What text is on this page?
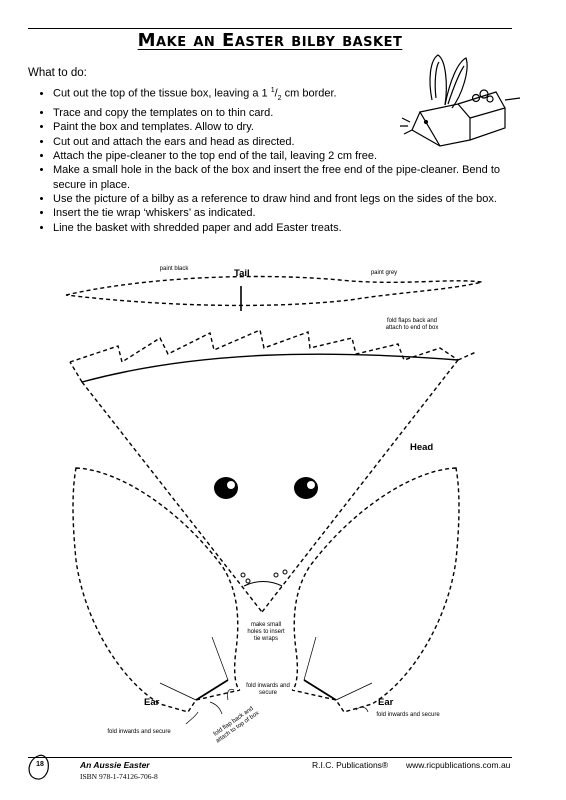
Make an Easter bilby basket
What to do:
• Cut out the top of the tissue box, leaving a 1 $^1/_2$ cm border.
• Trace and copy the templates on to thin card.
• Paint the box and templates. Allow to dry.
• Cut out and attach the ears and head as directed.
• Attach the pipe-cleaner to the top end of the tail, leaving 2 cm free.
• Make a small hole in the back of the box and insert the free end of the pipe-cleaner. Bend to secure in place.
• Use the picture of a bilby as a reference to draw hind and front legs on the sides of the box.
• Insert the tie wrap ‘whiskers’ as indicated.
• Line the basket with shredded paper and add Easter treats.
paint black	Tail	paint grey
fold flaps back and attach to end of box
Head
make small holes to insert tie wraps
fold inwards and secure
Ear	Ear
fold inwards and secure
fold inwards and secure	fold flap back and attach to top of box
18	An Aussie Easter
ISBN 978-1-74126-706-8
R.I.C. Publications® www.ricpublications.com.au
